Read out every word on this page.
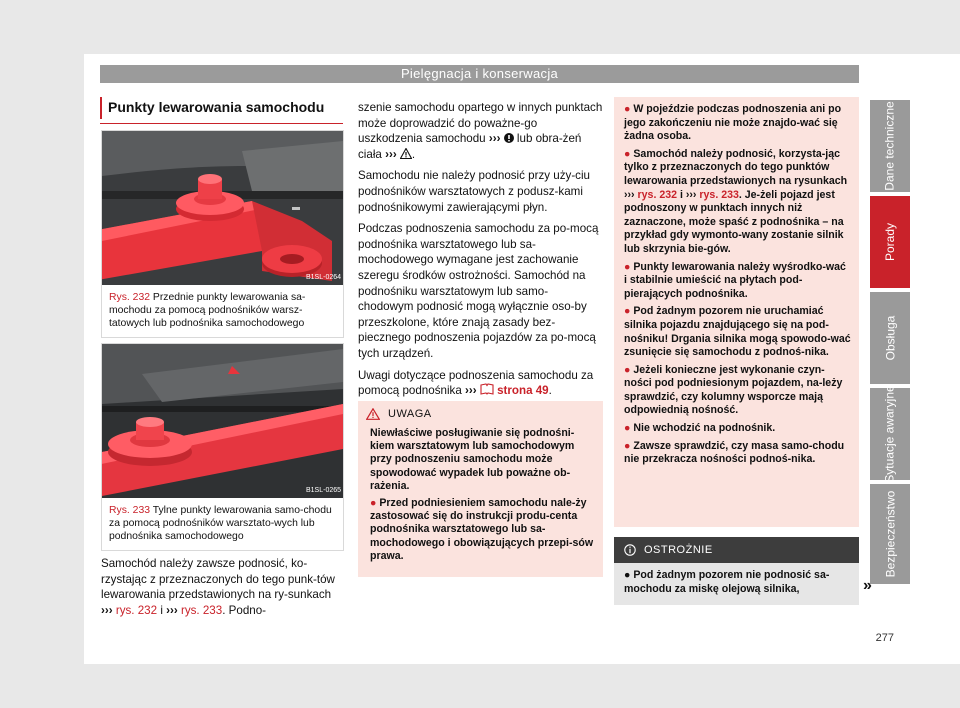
Pielęgnacja i konserwacja
Dane techniczne
Porady
Obsługa
Sytuacje awaryjne
Bezpieczeństwo
277
Punkty lewarowania samochodu
B1SL-0264
Rys. 232 Przednie punkty lewarowania sa-mochodu za pomocą podnośników warsz-tatowych lub podnośnika samochodowego
B1SL-0265
Rys. 233 Tylne punkty lewarowania samo-chodu za pomocą podnośników warsztato-wych lub podnośnika samochodowego
Samochód należy zawsze podnosić, ko-rzystając z przeznaczonych do tego punk-tów lewarowania przedstawionych na ry-sunkach ››› rys. 232 i ››› rys. 233. Podno-

szenie samochodu opartego w innych punktach może doprowadzić do poważne-go uszkodzenia samochodu ››› lub obra-żeń ciała ››› .

Samochodu nie należy podnosić przy uży-ciu podnośników warsztatowych z podusz-kami podnośnikowymi zawierającymi płyn.

Podczas podnoszenia samochodu za po-mocą podnośnika warsztatowego lub sa-mochodowego wymagane jest zachowanie szeregu środków ostrożności. Samochód na podnośniku warsztatowym lub samo-chodowym podnosić mogą wyłącznie oso-by przeszkolone, które znają zasady bez-piecznego podnoszenia pojazdów za po-mocą tych urządzeń.

Uwagi dotyczące podnoszenia samochodu za pomocą podnośnika ››› strona 49.

UWAGA
Niewłaściwe posługiwanie się podnośni-kiem warsztatowym lub samochodowym przy podnoszeniu samochodu może spowodować wypadek lub poważne ob-rażenia.
● Przed podniesieniem samochodu nale-ży zastosować się do instrukcji produ-centa podnośnika warsztatowego lub sa-mochodowego i obowiązujących przepi-sów prawa.
● W pojeździe podczas podnoszenia ani po jego zakończeniu nie może znajdo-wać się żadna osoba.
● Samochód należy podnosić, korzysta-jąc tylko z przeznaczonych do tego punktów lewarowania przedstawionych na rysunkach ››› rys. 232 i ››› rys. 233. Je-żeli pojazd jest podnoszony w punktach innych niż zaznaczone, może spaść z podnośnika – na przykład gdy wymonto-wany zostanie silnik lub skrzynia bie-gów.
● Punkty lewarowania należy wyśrodko-wać i stabilnie umieścić na płytach pod-pierających podnośnika.
● Pod żadnym pozorem nie uruchamiać silnika pojazdu znajdującego się na pod-nośniku! Drgania silnika mogą spowodo-wać zsunięcie się samochodu z podnoś-nika.
● Jeżeli konieczne jest wykonanie czyn-ności pod podniesionym pojazdem, na-leży sprawdzić, czy kolumny wsporcze mają odpowiednią nośność.
● Nie wchodzić na podnośnik.
● Zawsze sprawdzić, czy masa samo-chodu nie przekracza nośności podnoś-nika.
OSTROŻNIE
● Pod żadnym pozorem nie podnosić sa-mochodu za miskę olejową silnika,	»
